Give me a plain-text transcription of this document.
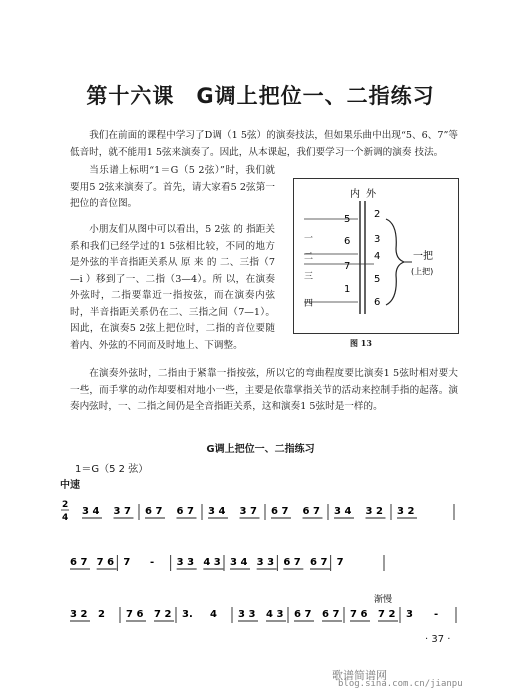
第十六课　G调上把位一、二指练习
我们在前面的课程中学习了D调（1 5弦）的演奏技法，但如果乐曲中出现“5、6、7”等低音时，就不能用1 5弦来演奏了。因此，从本课起，我们要学习一个新调的演奏 技法。
当乐谱上标明“1＝G（5 2弦）”时，我们就要用5 2弦来演奏了。首先，请大家看5 2弦第一把位的音位图。
小朋友们从图中可以看出，5 2弦 的 指距关系和我们已经学过的1 5弦相比较，不同的地方是外弦的半音指距关系从 原 来 的 二、三指（7—i ）移到了一、二指（3—4）。所 以，在演奏外弦时，二指要靠近一指按弦，而在演奏内弦时，半音指距关系仍在二、三指之间（7—1）。因此，在演奏5 2弦上把位时，二指的音位要随着内、外弦的不同而及时地上、下调整。
在演奏外弦时，二指由于紧靠一指按弦，所以它的弯曲程度要比演奏1 5弦时相对要大一些，而手掌的动作却要相对地小一些，主要是依靠掌指关节的活动来控制手指的起落。演奏内弦时，一、二指之间仍是全音指距关系，这和演奏1 5弦时是一样的。
内 外
一
二
三
四
5
6
7
1
2
3
4
5
6
一把
(上把)
图 13
G调上把位一、二指练习
1＝G（5 2 弦）
中速
2
4
3 4 3 7 6 7 6 7 3 4 3 7 6 7 6 7 3 4 3 2 3 2
6 7 7 6 7 - 3 3 4 3 3 4 3 3 6 7 6 7 7
渐慢
3 2 2 7 6 7 2 3. 4 3 3 4 3 6 7 6 7 7 6 7 2 3 -
· 37 ·
歌谱简谱网
blog.sina.com.cn/jianpu
